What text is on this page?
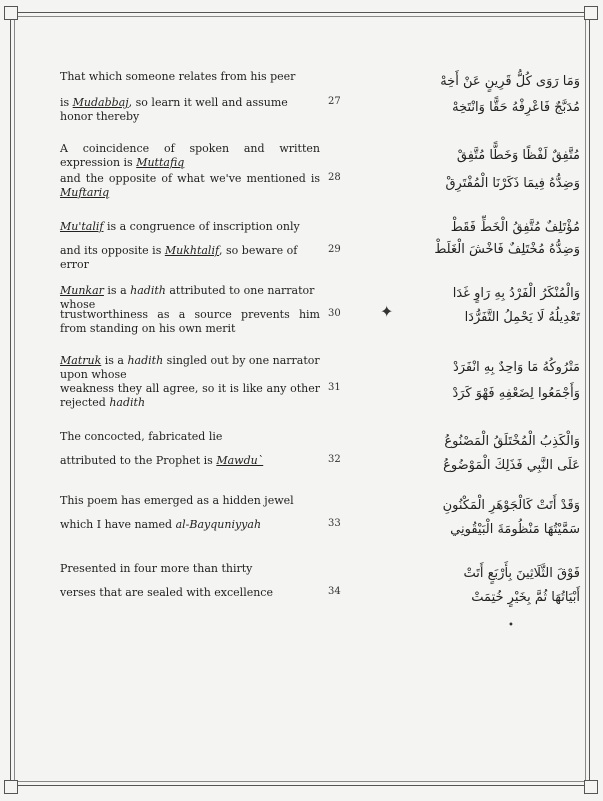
That which someone relates from his peer
is Mudabbaj, so learn it well and assume honor thereby
27
وَمَا رَوَى كُلُّ قَرِينٍ عَنْ أَخِهْ
مُدَبَّجٌ فَاعْرِفْهُ حَقًّا وَانْتَخِهْ
A coincidence of spoken and written expression is Muttafiq
and the opposite of what we've mentioned is Muftariq
28
مُتَّفِقٌ لَفْظًا وَخَطًّا مُتَّفِقْ
وَضِدُّهُ فِيمَا ذَكَرْنَا الْمُفْتَرِقْ
Mu'talif is a congruence of inscription only
and its opposite is Mukhtalif, so beware of error
29
مُؤْتَلِفٌ مُتَّفِقُ الْخَطِّ فَقَطْ
وَضِدُّهُ مُخْتَلِفٌ فَاخْشَ الْغَلَطْ
Munkar is a hadith attributed to one narrator whose
trustworthiness as a source prevents him from standing on his own merit
30
وَالْمُنْكَرُ الْفَرْدُ بِهِ رَاوٍ غَدَا
تَعْدِيلُهُ لَا يَحْمِلُ التَّفَرُّدَا
✦
Matruk is a hadith singled out by one narrator upon whose
weakness they all agree, so it is like any other rejected hadith
31
مَتْرُوكُهُ مَا وَاحِدٌ بِهِ انْفَرَدْ
وَأَجْمَعُوا لِضَعْفِهِ فَهْوَ كَرَدْ
The concocted, fabricated lie
attributed to the Prophet is Mawdu`	32
وَالْكَذِبُ الْمُخْتَلَقُ الْمَصْنُوعُ
عَلَى النَّبِي فَذَلِكَ الْمَوْضُوعُ
This poem has emerged as a hidden jewel
which I have named al-Bayquniyyah	33
وَقَدْ أَتَتْ كَالْجَوْهَرِ الْمَكْنُونِ
سَمَّيْتُهَا مَنْظُومَةَ الْبَيْقُونِي
Presented in four more than thirty
verses that are sealed with excellence	34
فَوْقَ الثَّلَاثِينَ بِأَرْبَعٍ أَتَتْ
أَبْيَاتُهَا ثُمَّ بِخَيْرٍ خُتِمَتْ
•
